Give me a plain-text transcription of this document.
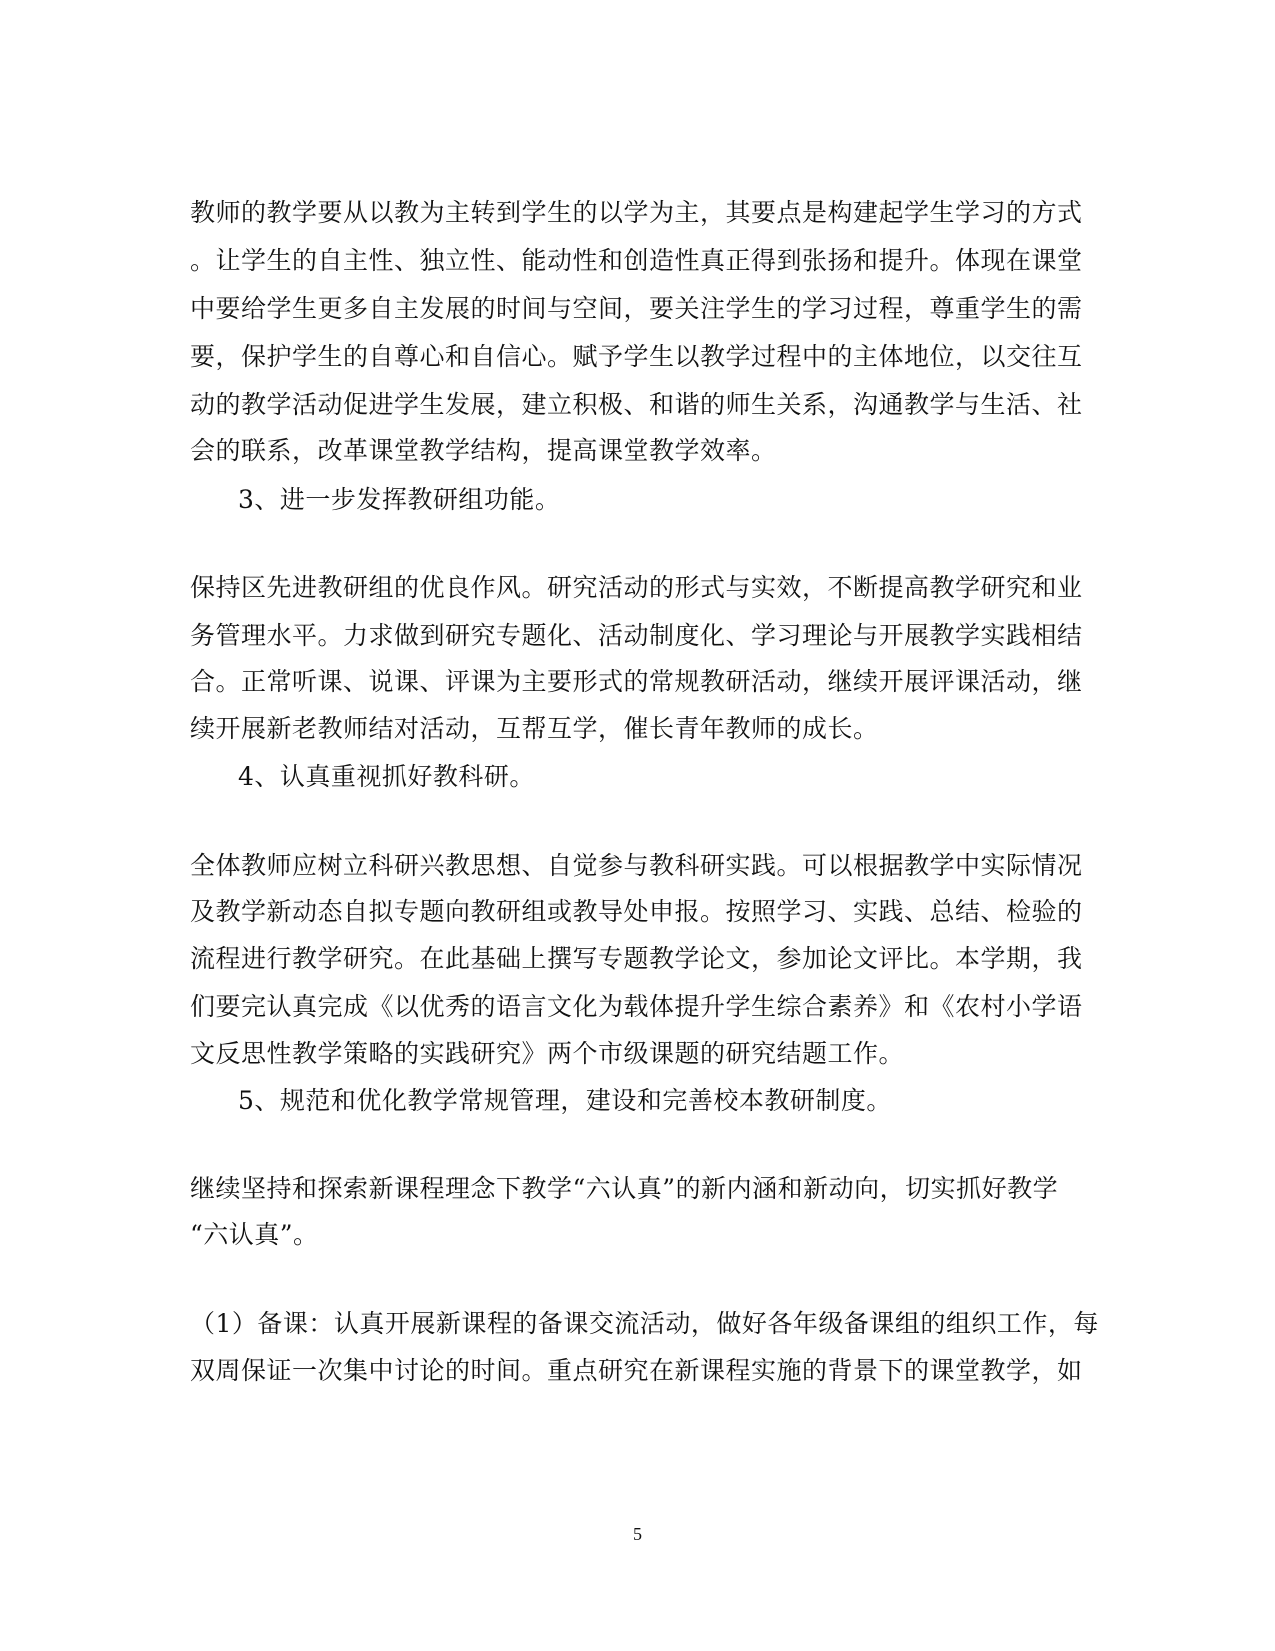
教师的教学要从以教为主转到学生的以学为主，其要点是构建起学生学习的方式
。让学生的自主性、独立性、能动性和创造性真正得到张扬和提升。体现在课堂
中要给学生更多自主发展的时间与空间，要关注学生的学习过程，尊重学生的需
要，保护学生的自尊心和自信心。赋予学生以教学过程中的主体地位，以交往互
动的教学活动促进学生发展，建立积极、和谐的师生关系，沟通教学与生活、社
会的联系，改革课堂教学结构，提高课堂教学效率。
3、进一步发挥教研组功能。
保持区先进教研组的优良作风。研究活动的形式与实效，不断提高教学研究和业
务管理水平。力求做到研究专题化、活动制度化、学习理论与开展教学实践相结
合。正常听课、说课、评课为主要形式的常规教研活动，继续开展评课活动，继
续开展新老教师结对活动，互帮互学，催长青年教师的成长。
4、认真重视抓好教科研。
全体教师应树立科研兴教思想、自觉参与教科研实践。可以根据教学中实际情况
及教学新动态自拟专题向教研组或教导处申报。按照学习、实践、总结、检验的
流程进行教学研究。在此基础上撰写专题教学论文，参加论文评比。本学期，我
们要完认真完成《以优秀的语言文化为载体提升学生综合素养》和《农村小学语
文反思性教学策略的实践研究》两个市级课题的研究结题工作。
5、规范和优化教学常规管理，建设和完善校本教研制度。
继续坚持和探索新课程理念下教学“六认真”的新内涵和新动向，切实抓好教学
“六认真”。
（1）备课：认真开展新课程的备课交流活动，做好各年级备课组的组织工作，每
双周保证一次集中讨论的时间。重点研究在新课程实施的背景下的课堂教学，如
5
